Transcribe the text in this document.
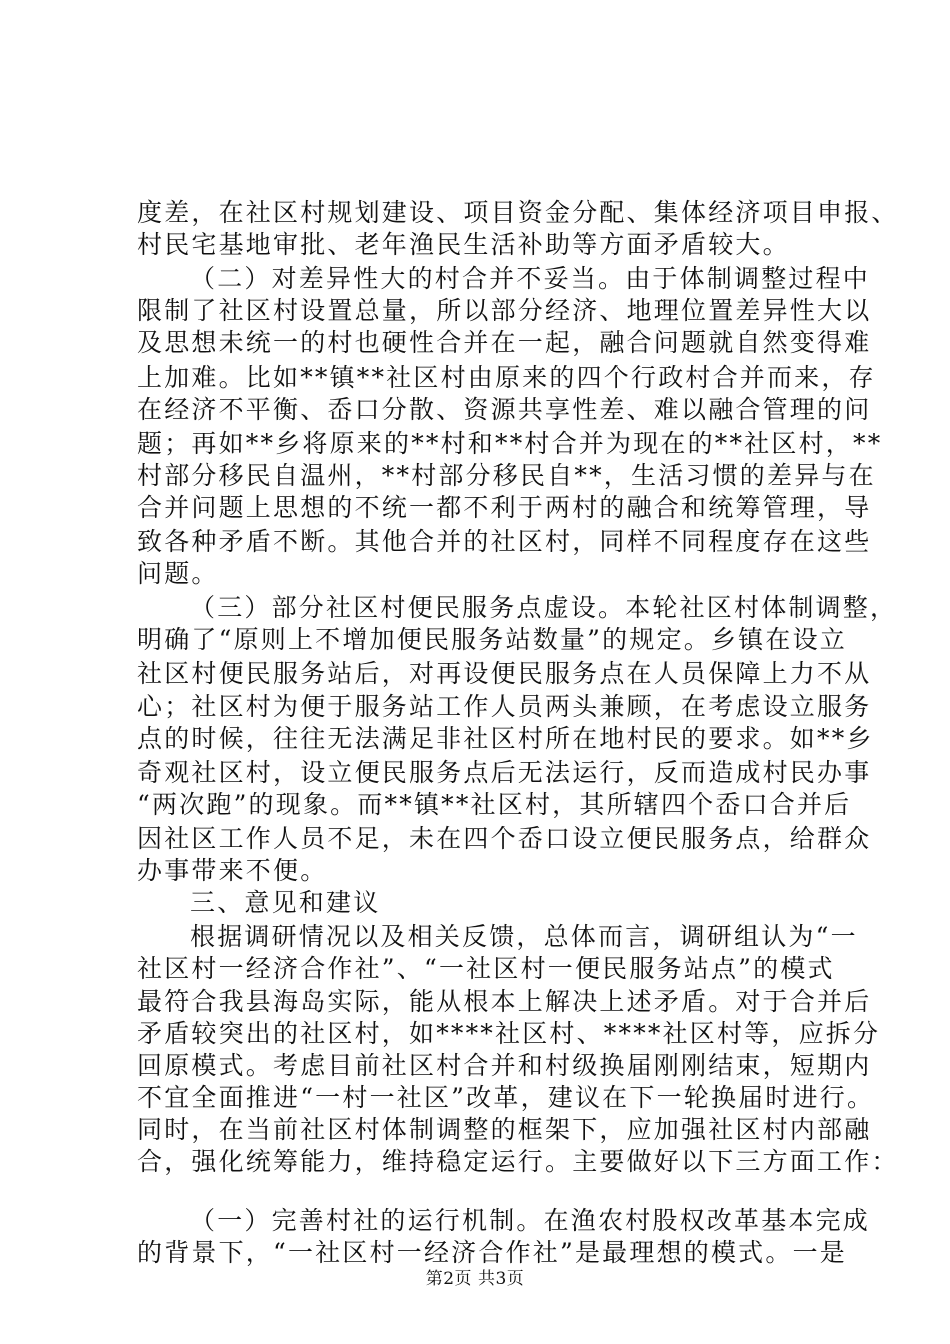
度差，在社区村规划建设、项目资金分配、集体经济项目申报、
村民宅基地审批、老年渔民生活补助等方面矛盾较大。
（二）对差异性大的村合并不妥当。由于体制调整过程中
限制了社区村设置总量，所以部分经济、地理位置差异性大以
及思想未统一的村也硬性合并在一起，融合问题就自然变得难
上加难。比如**镇**社区村由原来的四个行政村合并而来，存
在经济不平衡、岙口分散、资源共享性差、难以融合管理的问
题；再如**乡将原来的**村和**村合并为现在的**社区村，**
村部分移民自温州，**村部分移民自**，生活习惯的差异与在
合并问题上思想的不统一都不利于两村的融合和统筹管理，导
致各种矛盾不断。其他合并的社区村，同样不同程度存在这些
问题。
（三）部分社区村便民服务点虚设。本轮社区村体制调整，
明确了“原则上不增加便民服务站数量”的规定。乡镇在设立
社区村便民服务站后，对再设便民服务点在人员保障上力不从
心；社区村为便于服务站工作人员两头兼顾，在考虑设立服务
点的时候，往往无法满足非社区村所在地村民的要求。如**乡
奇观社区村，设立便民服务点后无法运行，反而造成村民办事
“两次跑”的现象。而**镇**社区村，其所辖四个岙口合并后
因社区工作人员不足，未在四个岙口设立便民服务点，给群众
办事带来不便。
三、意见和建议
根据调研情况以及相关反馈，总体而言，调研组认为“一
社区村一经济合作社”、“一社区村一便民服务站点”的模式
最符合我县海岛实际，能从根本上解决上述矛盾。对于合并后
矛盾较突出的社区村，如****社区村、****社区村等，应拆分
回原模式。考虑目前社区村合并和村级换届刚刚结束，短期内
不宜全面推进“一村一社区”改革，建议在下一轮换届时进行。
同时，在当前社区村体制调整的框架下，应加强社区村内部融
合，强化统筹能力，维持稳定运行。主要做好以下三方面工作：
（一）完善村社的运行机制。在渔农村股权改革基本完成
的背景下，“一社区村一经济合作社”是最理想的模式。一是
第2页 共3页
